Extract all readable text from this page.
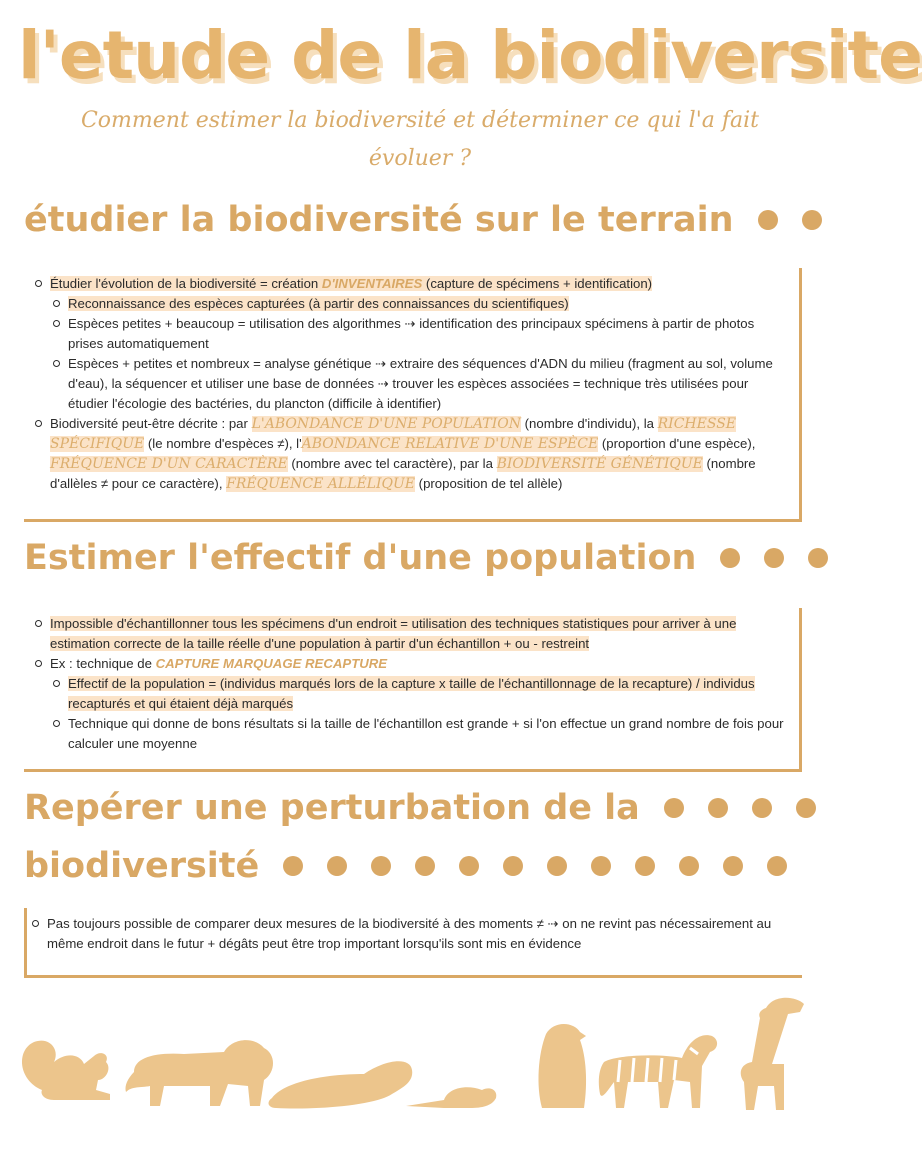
l'etude de la biodiversite
Comment estimer la biodiversité et déterminer ce qui l'a fait évoluer ?
étudier la biodiversité sur le terrain
Étudier l'évolution de la biodiversité = création D'INVENTAIRES (capture de spécimens + identification)
Reconnaissance des espèces capturées (à partir des connaissances du scientifiques)
Espèces petites + beaucoup = utilisation des algorithmes ⇢ identification des principaux spécimens à partir de photos prises automatiquement
Espèces + petites et nombreux = analyse génétique ⇢ extraire des séquences d'ADN du milieu (fragment au sol, volume d'eau), la séquencer et utiliser une base de données ⇢ trouver les espèces associées = technique très utilisées pour étudier l'écologie des bactéries, du plancton (difficile à identifier)
Biodiversité peut-être décrite : par L'ABONDANCE D'UNE POPULATION (nombre d'individu), la RICHESSE SPÉCIFIQUE (le nombre d'espèces ≠), l'ABONDANCE RELATIVE D'UNE ESPÈCE (proportion d'une espèce), FRÉQUENCE D'UN CARACTÈRE (nombre avec tel caractère), par la BIODIVERSITÉ GÉNÉTIQUE (nombre d'allèles ≠ pour ce caractère), FRÉQUENCE ALLÉLIQUE (proposition de tel allèle)
Estimer l'effectif d'une population
Impossible d'échantillonner tous les spécimens d'un endroit = utilisation des techniques statistiques pour arriver à une estimation correcte de la taille réelle d'une population à partir d'un échantillon + ou - restreint
Ex : technique de CAPTURE MARQUAGE RECAPTURE
Effectif de la population = (individus marqués lors de la capture x taille de l'échantillonnage de la recapture) / individus recapturés et qui étaient déjà marqués
Technique qui donne de bons résultats si la taille de l'échantillon est grande + si l'on effectue un grand nombre de fois pour calculer une moyenne
Repérer une perturbation de la
biodiversité
Pas toujours possible de comparer deux mesures de la biodiversité à des moments ≠ ⇢ on ne revint pas nécessairement au même endroit dans le futur + dégâts peut être trop important lorsqu'ils sont mis en évidence
